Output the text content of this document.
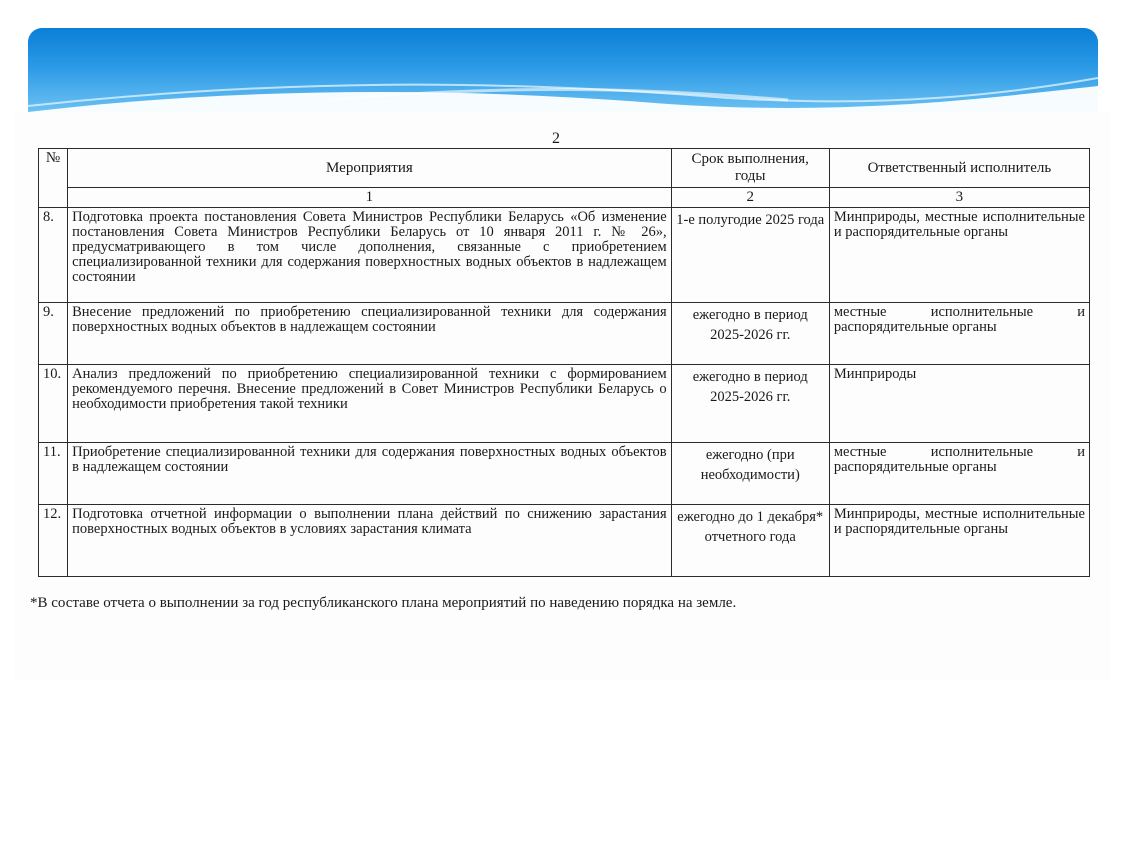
2
№	Мероприятия	Срок выполнения, годы	Ответственный исполнитель
	1	2	3
8.	Подготовка проекта постановления Совета Министров Республики Беларусь «Об изменение постановления Совета Министров Республики Беларусь от 10 января 2011 г. № 26», предусматривающего в том числе дополнения, связанные с приобретением специализированной техники для содержания поверхностных водных объектов в надлежащем состоянии	1-е полугодие 2025 года	Минприроды, местные исполнительные и распорядительные органы
9.	Внесение предложений по приобретению специализированной техники для содержания поверхностных водных объектов в надлежащем состоянии	ежегодно в период 2025-2026 гг.	местные исполнительные и распорядительные органы
10.	Анализ предложений по приобретению специализированной техники с формированием рекомендуемого перечня. Внесение предложений в Совет Министров Республики Беларусь о необходимости приобретения такой техники	ежегодно в период 2025-2026 гг.	Минприроды
11.	Приобретение специализированной техники для содержания поверхностных водных объектов в надлежащем состоянии	ежегодно (при необходимости)	местные исполнительные и распорядительные органы
12.	Подготовка отчетной информации о выполнении плана действий по снижению зарастания поверхностных водных объектов в условиях зарастания климата	ежегодно до 1 декабря* отчетного года	Минприроды, местные исполнительные и распорядительные органы
*В составе отчета о выполнении за год республиканского плана мероприятий по наведению порядка на земле.
